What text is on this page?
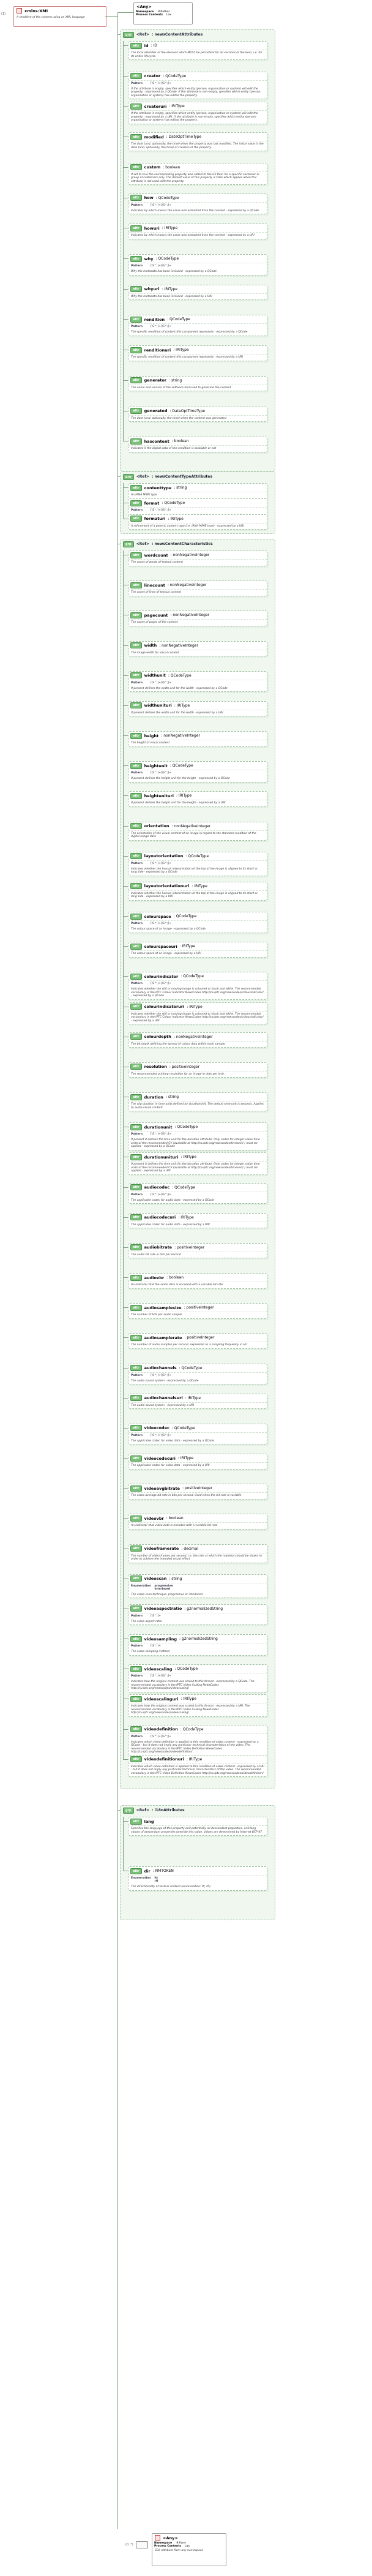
xmlns:XMI
A renditive of the content using an XML language
(1)
<Any>
Namespace ##other
Process Contents Lax
grp	<Ref> : newsContentAttributes
attr	id : ID
The local identifier of the element which MUST be persistent for all versions of the item, i.e. for its entire lifecycle.
attr	creator : QCodeType
Pattern	[\S^;]+[\S^;]+
If the attribute is empty, specifies which entity (person, organisation or system) will edit the property - expressed by a QCode. If the attribute is non-empty, specifies which entity (person, organisation or system) has edited the property.
attr	creatoruri : IRIType
If the attribute is empty, specifies which entity (person, organisation or system) will edit the property - expressed by a URI. If the attribute is non-empty, specifies which entity (person, organisation or system) has edited the property.
attr	modified : DateOptTimeType
The date (and, optionally, the time) when the property was last modified. The initial value is the date (and, optionally, the time) of creation of the property.
attr	custom : boolean
If set to true the corresponding property was added to the G2 Item for a specific customer or group of customers only. The default value of this property is false which applies when this attribute is not used with the property.
attr	how : QCodeType
Pattern	[\S^;]+[\S^;]+
Indicates by which means the value was extracted from the content - expressed by a QCode
attr	howuri : IRIType
Indicates by which means the value was extracted from the content - expressed by a URI
attr	why : QCodeType
Pattern	[\S^;]+[\S^;]+
Why the metadata has been included - expressed by a QCode
attr	whyuri : IRIType
Why the metadata has been included - expressed by a URI
attr	rendition : QCodeType
Pattern	[\S^;]+[\S^;]+
The specific rendition of content this component represents - expressed by a QCode
attr	renditionuri : IRIType
The specific rendition of content this component represents - expressed by a URI
attr	generator : string
The name and version of the software tool used to generate the content
attr	generated : DateOptTimeType
The date (and, optionally, the time) when the content was generated
attr	hascontent : boolean
Indicates if the digital data of this rendition is available or not
grp	<Ref> : newsContentTypeAttributes
attr	contenttype : string
An IANA MIME type
attr	format : QCodeType
Pattern	[\S^;]+[\S^;]+
attr	formaturi : IRIType
A refinement of a generic content type (i.e. IANA MIME type) - expressed by a URI
grp	<Ref> : newsContentCharacteristics
attr	wordcount : nonNegativeInteger
The count of words of textual content
attr	linecount : nonNegativeInteger
The count of lines of textual content
attr	pagecount : nonNegativeInteger
The count of pages of the content
attr	width : nonNegativeInteger
The image width for visual content
attr	widthunit : QCodeType
Pattern	[\S^;]+[\S^;]+
If present defines the width unit for the width - expressed by a QCode
attr	widthunituri : IRIType
If present defines the width unit for the width - expressed by a URI
attr	height : nonNegativeInteger
The height of visual content
attr	heightunit : QCodeType
Pattern	[\S^;]+[\S^;]+
If present defines the height unit for the heigth - expressed by a QCode
attr	heightunituri : IRIType
If present defines the height unit for the heigth - expressed by a URI
attr	orientation : nonNegativeInteger
The orientation of the visual content of an image in regard to the standard rendition of the digital image data
attr	layoutorientation : QCodeType
Pattern	[\S^;]+[\S^;]+
Indicates whether the human interpretation of the top of the image is aligned to its short or long side - expressed by a QCode
attr	layoutorientationuri : IRIType
Indicates whether the human interpretation of the top of the image is aligned to its short or long side - expressed by a URI
attr	colourspace : QCodeType
Pattern	[\S^;]+[\S^;]+
The colour space of an image - expressed by a QCode
attr	colourspaceuri : IRIType
The colour space of an image - expressed by a URI
attr	colourindicator : QCodeType
Pattern	[\S^;]+[\S^;]+
Indicates whether the still or moving image is coloured or black and white. The recommended vocabulary is the IPTC Colour Indicator NewsCodes http://cv.iptc.org/newscodes/colourindicator/ - expressed by a QCode
attr	colourindicatoruri : IRIType
Indicates whether the still or moving image is coloured or black and white. The recommended vocabulary is the IPTC Colour Indicator NewsCodes http://cv.iptc.org/newscodes/colourindicator/ - expressed by a URI
attr	colourdepth : nonNegativeInteger
The bit depth defining the spread of colour data within each sample.
attr	resolution : positiveInteger
The recommended printing resolution for an image in dots per inch.
attr	duration : string
The clip duration in time units defined by durationUnit. The default time unit is seconds. Applies to audio-visual content.
attr	durationunit : QCodeType
Pattern	[\S^;]+[\S^;]+
If present it defines the time unit for the duration attribute. Only codes for integer value time units of the recommended CV (available at http://cv.iptc.org/newscodes/timeunit/ ) must be applied - expressed by a QCode
attr	durationunituri : IRIType
If present it defines the time unit for the duration attribute. Only codes for integer value time units of the recommended CV (available at http://cv.iptc.org/newscodes/timeunit/ ) must be applied - expressed by a URI
attr	audiocodec : QCodeType
Pattern	[\S^;]+[\S^;]+
The applicable codec for audio data - expressed by a QCode
attr	audiocodecuri : IRIType
The applicable codec for audio data - expressed by a URI
attr	audiobitrate : positiveInteger
The audio bit rate in bits per second
attr	audiovbr : boolean
An indicator that the audio data is encoded with a variable bit rate
attr	audiosamplesize : positiveInteger
The number of bits per audio sample
attr	audiosamplerate : positiveInteger
The number of audio samples per second, expressed as a sampling frequency in Hz
attr	audiochannels : QCodeType
Pattern	[\S^;]+[\S^;]+
The audio sound system - expressed by a QCode
attr	audiochannelsuri : IRIType
The audio sound system - expressed by a URI
attr	videocodec : QCodeType
Pattern	[\S^;]+[\S^;]+
The applicable codec for video data - expressed by a QCode
attr	videocodecuri : IRIType
The applicable codec for video data - expressed by a URI
attr	videoavgbitrate : positiveInteger
The video average bit rate in bits per second. Used when the bit rate is variable
attr	videovbr : boolean
An indicator that video data is encoded with a variable bit rate
attr	videoframerate : decimal
The number of video frames per second, i.e. the rate at which the material should be shown in order to achieve the intended visual effect
attr	videoscan : string
Enumeration progressive
interlaced
The video scan technique, progressive or interlaced
attr	videoaspectratio : g2normalizedString
Pattern	[\S^;]+
The video aspect ratio
attr	videosampling : g2normalizedString
Pattern	[\S^;]+
The video sampling method
attr	videoscaling : QCodeType
Pattern	[\S^;]+[\S^;]+
Indicates how the original content was scaled to this format - expressed by a QCode. The recommended vocabulary is the IPTC Video Scaling NewsCodes http://cv.iptc.org/newscodes/videoscaling/
attr	videoscalinguri : IRIType
Indicates how the original content was scaled to this format - expressed by a URI. The recommended vocabulary is the IPTC Video Scaling NewsCodes http://cv.iptc.org/newscodes/videoscaling/
attr	videodefinition : QCodeType
Pattern	[\S^;]+[\S^;]+
Indicates which video definition is applied to this rendition of video content - expressed by a QCode - but it does not imply any particular technical characteristics of the video. The recommended vocabulary is the IPTC Video Definition NewsCodes http://cv.iptc.org/newscodes/videodefinition/
attr	videodefinitionuri : IRIType
Indicates which video definition is applied to this rendition of video content - expressed by a URI - but it does not imply any particular technical characteristics of the video. The recommended vocabulary is the IPTC Video Definition NewsCodes http://cv.iptc.org/newscodes/videodefinition/
grp	<Ref> : i18nAttributes
attr	lang
Specifies the language of this property and potentially all descendant properties. xml:lang values of descendant properties override this value. Values are determined by Internet BCP 47.
attr	dir : NMTOKEN
Enumeration ltr
rtl
The directionality of textual content (enumeration: ltr, rtl)
(0..*)
<Any>
Namespace ##any
Process Contents Lax
SDL attribute from any namespace
